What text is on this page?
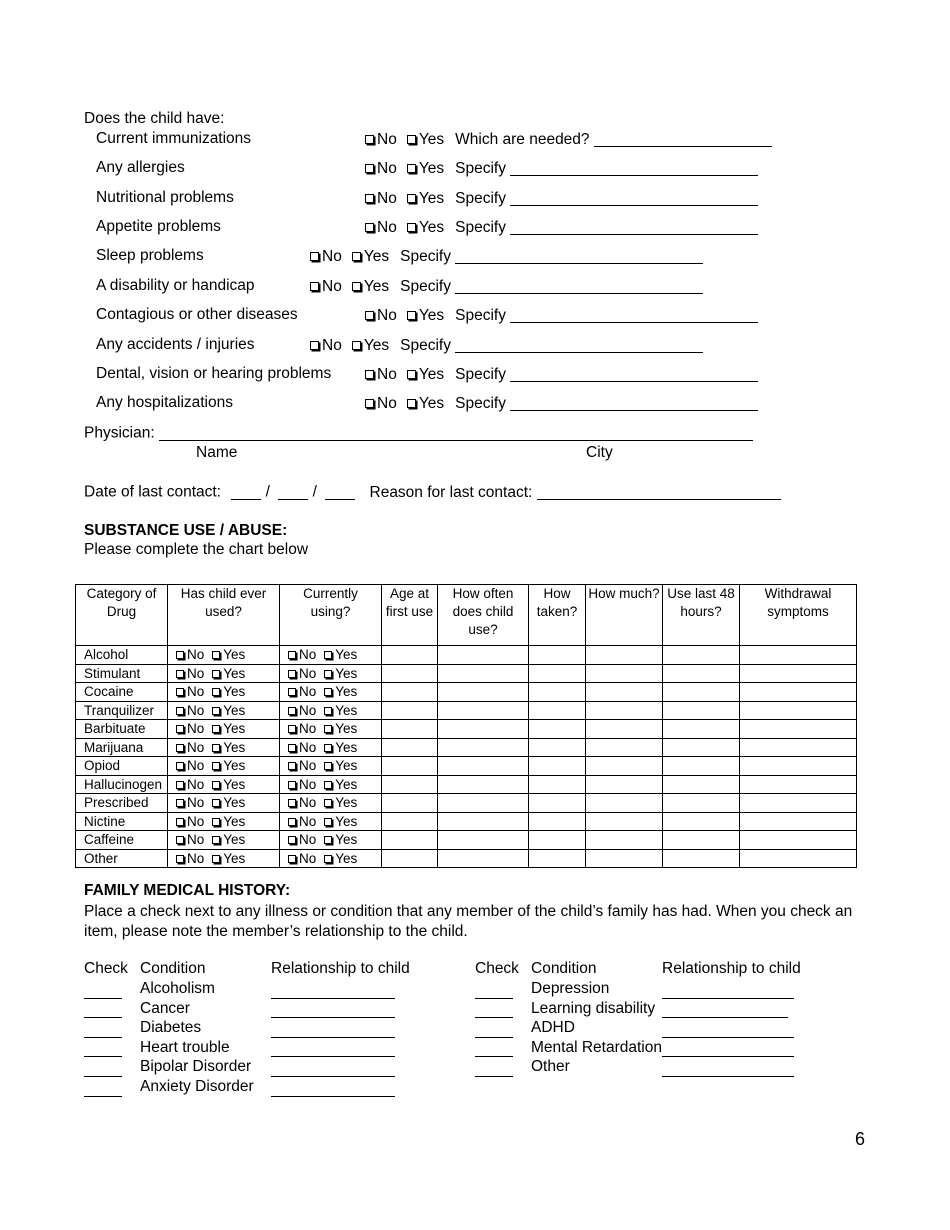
Does the child have:
Current immunizations	No Yes Which are needed?
Any allergies	No Yes Specify
Nutritional problems	No Yes Specify
Appetite problems	No Yes Specify
Sleep problems	No Yes Specify
A disability or handicap	No Yes Specify
Contagious or other diseases	No Yes Specify
Any accidents / injuries	No Yes Specify
Dental, vision or hearing problems	No Yes Specify
Any hospitalizations	No Yes Specify
Physician:
Name	City
Date of last contact:	/	/	Reason for last contact:
SUBSTANCE USE / ABUSE:
Please complete the chart below
Category of Drug	Has child ever used?	Currently using?	Age at first use	How often does child use?	How taken?	How much?	Use last 48 hours?	Withdrawal symptoms
Alcohol	No Yes	No Yes						
Stimulant	No Yes	No Yes						
Cocaine	No Yes	No Yes						
Tranquilizer	No Yes	No Yes						
Barbituate	No Yes	No Yes						
Marijuana	No Yes	No Yes						
Opiod	No Yes	No Yes						
Hallucinogen	No Yes	No Yes						
Prescribed	No Yes	No Yes						
Nictine	No Yes	No Yes						
Caffeine	No Yes	No Yes						
Other	No Yes	No Yes						
FAMILY MEDICAL HISTORY:
Place a check next to any illness or condition that any member of the child’s family has had. When you check an item, please note the member’s relationship to the child.
Check Condition	Relationship to child	Check Condition	Relationship to child
Alcoholism
Cancer
Diabetes
Heart trouble
Bipolar Disorder
Anxiety Disorder
Depression
Learning disability
ADHD
Mental Retardation
Other
6
